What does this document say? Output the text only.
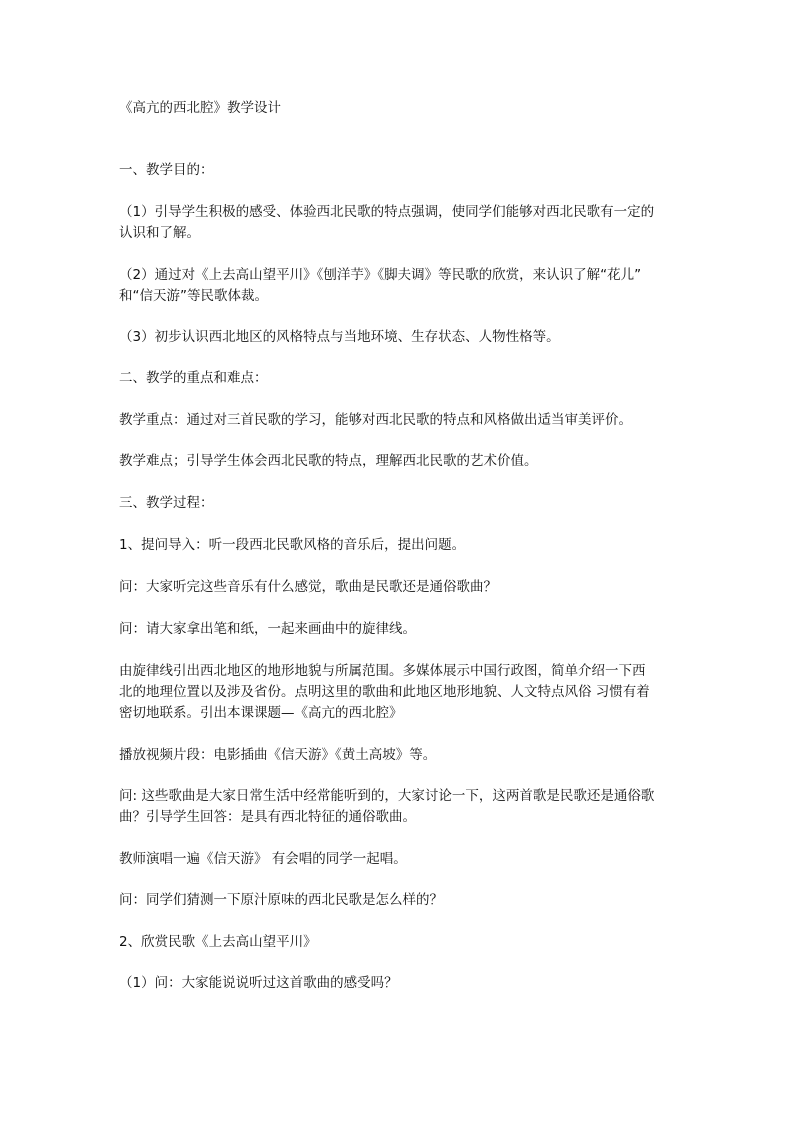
《高亢的西北腔》教学设计
一、教学目的：
（1）引导学生积极的感受、体验西北民歌的特点强调，使同学们能够对西北民歌有一定的
认识和了解。
（2）通过对《上去高山望平川》《刨洋芋》《脚夫调》等民歌的欣赏，来认识了解“花儿”
和“信天游”等民歌体裁。
（3）初步认识西北地区的风格特点与当地环境、生存状态、人物性格等。
二、教学的重点和难点：
教学重点：通过对三首民歌的学习，能够对西北民歌的特点和风格做出适当审美评价。
教学难点；引导学生体会西北民歌的特点，理解西北民歌的艺术价值。
三、教学过程：
1、提问导入：听一段西北民歌风格的音乐后，提出问题。
问：大家听完这些音乐有什么感觉，歌曲是民歌还是通俗歌曲？
问：请大家拿出笔和纸，一起来画曲中的旋律线。
由旋律线引出西北地区的地形地貌与所属范围。多媒体展示中国行政图，简单介绍一下西
北的地理位置以及涉及省份。点明这里的歌曲和此地区地形地貌、人文特点风俗 习惯有着
密切地联系。引出本课课题—《高亢的西北腔》
播放视频片段：电影插曲《信天游》《黄土高坡》等。
问: 这些歌曲是大家日常生活中经常能听到的，大家讨论一下，这两首歌是民歌还是通俗歌
曲？引导学生回答：是具有西北特征的通俗歌曲。
教师演唱一遍《信天游》 有会唱的同学一起唱。
问：同学们猜测一下原汁原味的西北民歌是怎么样的？
2、欣赏民歌《上去高山望平川》
（1）问：大家能说说听过这首歌曲的感受吗？
